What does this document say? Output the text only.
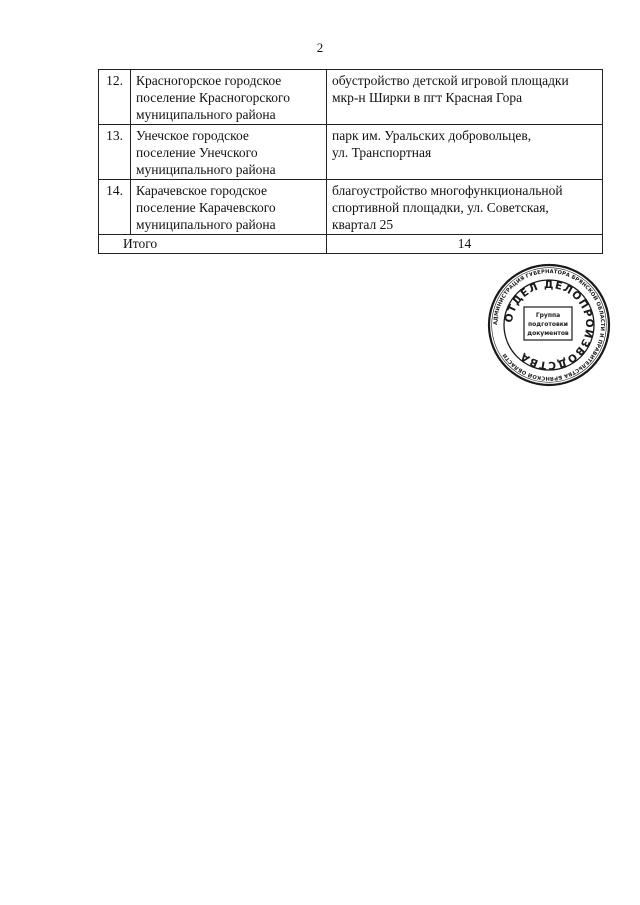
2
12.	Красногорское городское
поселение Красногорского
муниципального района	обустройство детской игровой площадки
мкр-н Ширки в пгт Красная Гора

13.	Унечское городское
поселение Унечского
муниципального района	парк им. Уральских добровольцев,
ул. Транспортная

14.	Карачевское городское
поселение Карачевского
муниципального района	благоустройство многофункциональной
спортивной площадки, ул. Советская,
квартал 25

Итого		14
АДМИНИСТРАЦИЯ ГУБЕРНАТОРА БРЯНСКОЙ ОБЛАСТИ И ПРАВИТЕЛЬСТВА БРЯНСКОЙ ОБЛАСТИ
ОТДЕЛ ДЕЛОПРОИЗВОДСТВА
Группа
подготовки
документов
